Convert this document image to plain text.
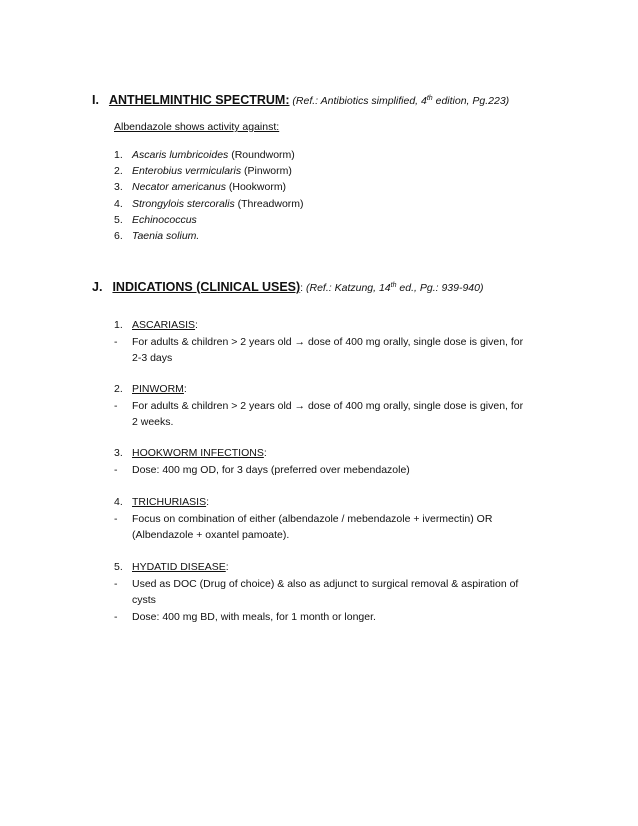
I. ANTHELMINTHIC SPECTRUM: (Ref.: Antibiotics simplified, 4th edition, Pg.223)
Albendazole shows activity against:
J. INDICATIONS (CLINICAL USES): (Ref.: Katzung, 14th ed., Pg.: 939-940)
1. Ascaris lumbricoides (Roundworm)
2. Enterobius vermicularis (Pinworm)
3. Necator americanus (Hookworm)
4. Strongylois stercoralis (Threadworm)
5. Echinococcus
6. Taenia solium.
1. ASCARIASIS:
- For adults & children > 2 years old → dose of 400 mg orally, single dose is given, for
2-3 days
2. PINWORM:
- For adults & children > 2 years old → dose of 400 mg orally, single dose is given, for
2 weeks.
3. HOOKWORM INFECTIONS:
- Dose: 400 mg OD, for 3 days (preferred over mebendazole)
4. TRICHURIASIS:
- Focus on combination of either (albendazole / mebendazole + ivermectin) OR
(Albendazole + oxantel pamoate).
5. HYDATID DISEASE:
- Used as DOC (Drug of choice) & also as adjunct to surgical removal & aspiration of
cysts
- Dose: 400 mg BD, with meals, for 1 month or longer.
